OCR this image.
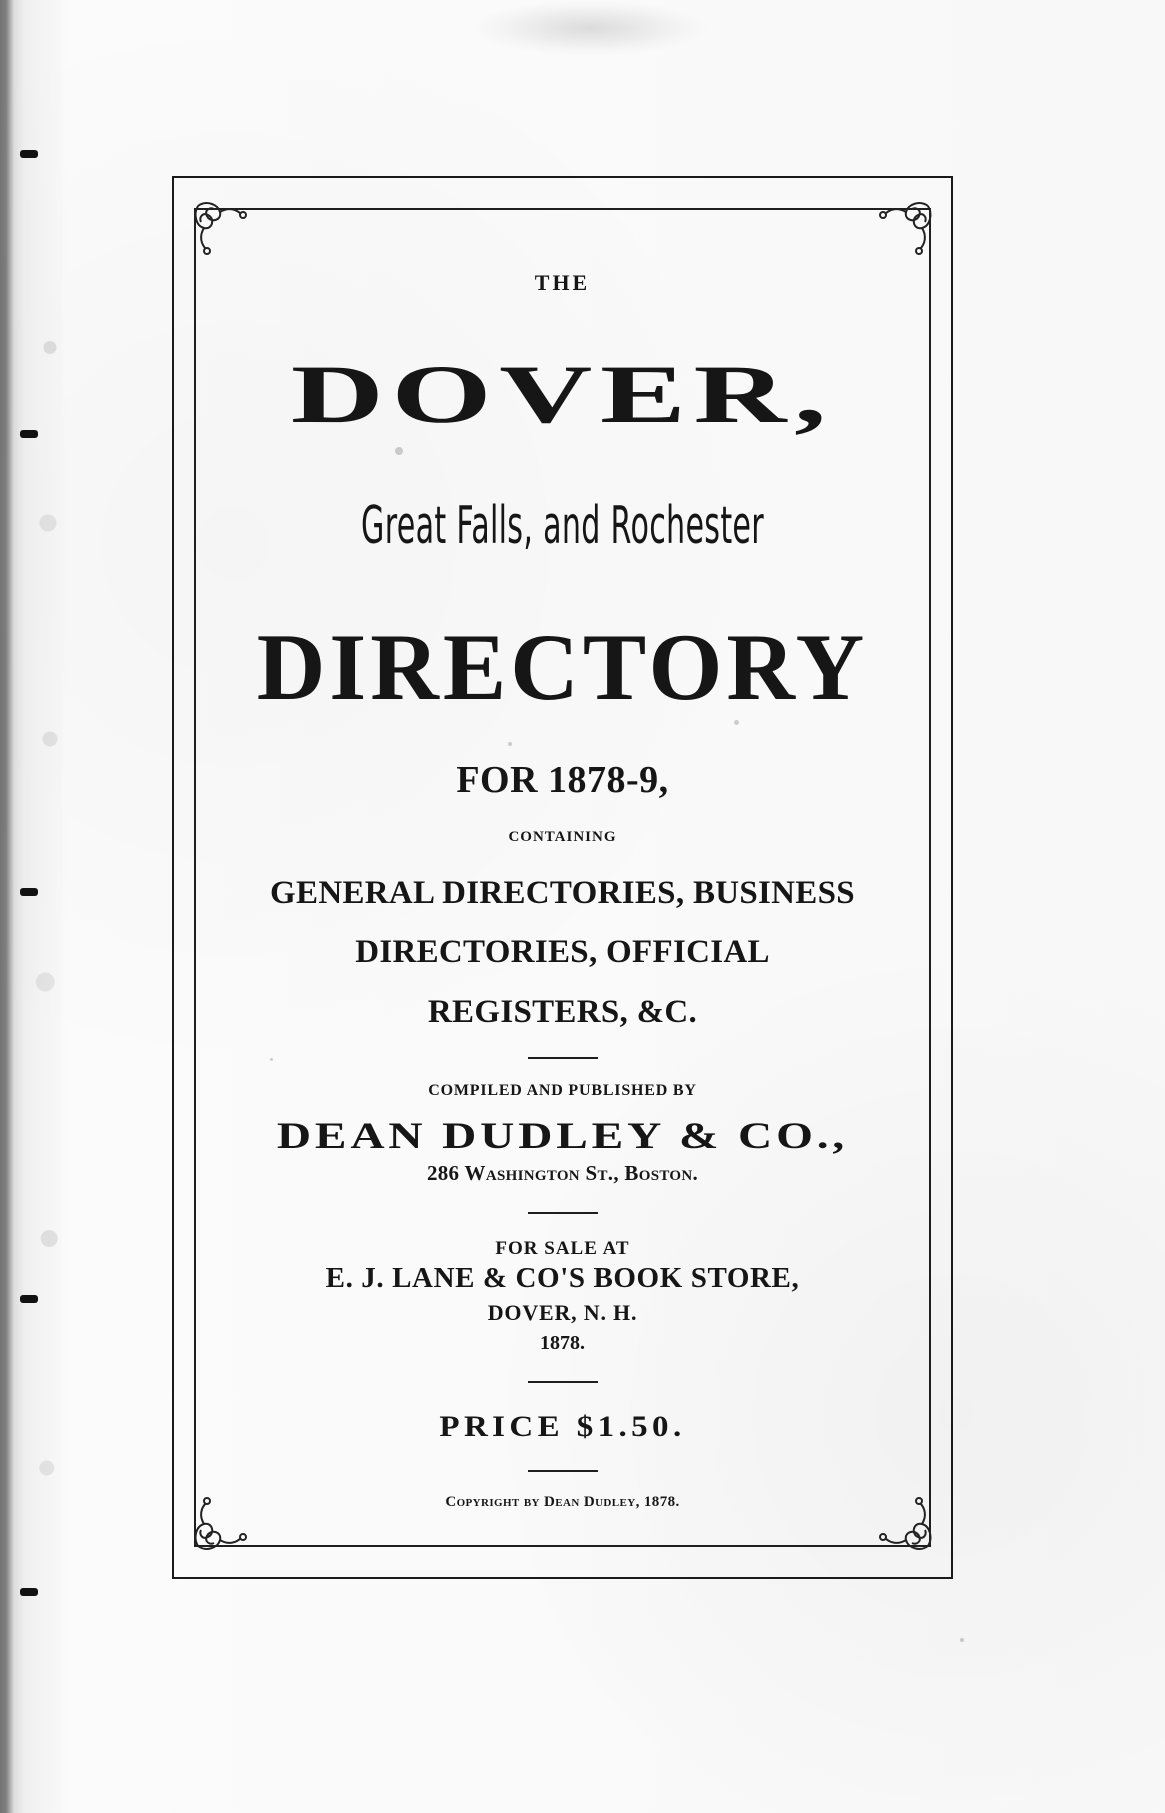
THE
DOVER,
Great Falls, and Rochester
DIRECTORY
FOR 1878-9,
CONTAINING
GENERAL DIRECTORIES, BUSINESS
DIRECTORIES, OFFICIAL
REGISTERS, &C.
COMPILED AND PUBLISHED BY
DEAN DUDLEY & CO.,
286 Washington St., Boston.
FOR SALE AT
E. J. LANE & CO'S BOOK STORE,
DOVER, N. H.
1878.
PRICE $1.50.
Copyright by Dean Dudley, 1878.
